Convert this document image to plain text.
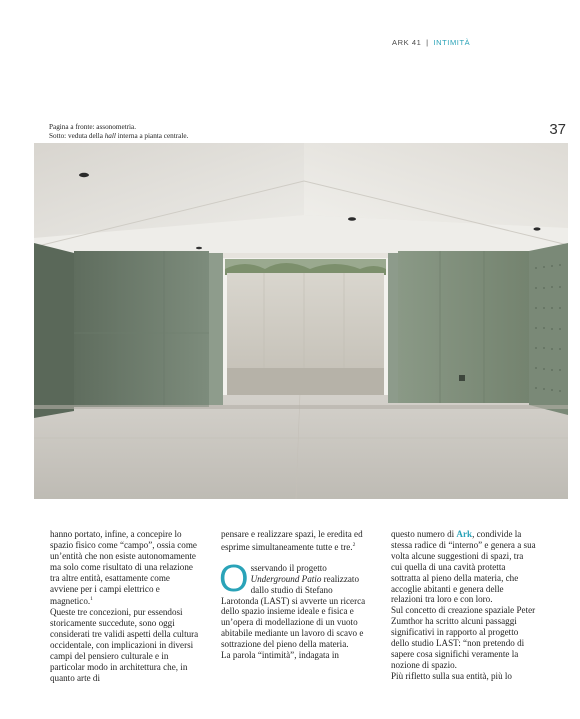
ARK 41 | INTIMITÀ
Pagina a fronte: assonometria.
Sotto: veduta della hall interna a pianta centrale.	37

hanno portato, infine, a concepire lo spazio fisico come “campo”, ossia come un’entità che non esiste autonomamente ma solo come risultato di una relazione tra altre entità, esattamente come avviene per i campi elettrico e magnetico.$^1$

Queste tre concezioni, pur essendosi storicamente succedute, sono oggi considerati tre validi aspetti della cultura occidentale, con implicazioni in diversi campi del pensiero culturale e in particolar modo in architettura che, in quanto arte di

pensare e realizzare spazi, le eredita ed esprime simultaneamente tutte e tre.$^2$

Osservando il progetto Underground Patio realizzato dallo studio di Stefano Larotonda (LAST) si avverte un ricerca dello spazio insieme ideale e fisica e un’opera di modellazione di un vuoto abitabile mediante un lavoro di scavo e sottrazione del pieno della materia.

La parola “intimità”, indagata in

questo numero di Ark, condivide la stessa radice di “interno” e genera a sua volta alcune suggestioni di spazi, tra cui quella di una cavità protetta sottratta al pieno della materia, che accoglie abitanti e genera delle relazioni tra loro e con loro.

Sul concetto di creazione spaziale Peter Zumthor ha scritto alcuni passaggi significativi in rapporto al progetto dello studio LAST: “non pretendo di sapere cosa significhi veramente la nozione di spazio.

Più rifletto sulla sua entità, più lo
